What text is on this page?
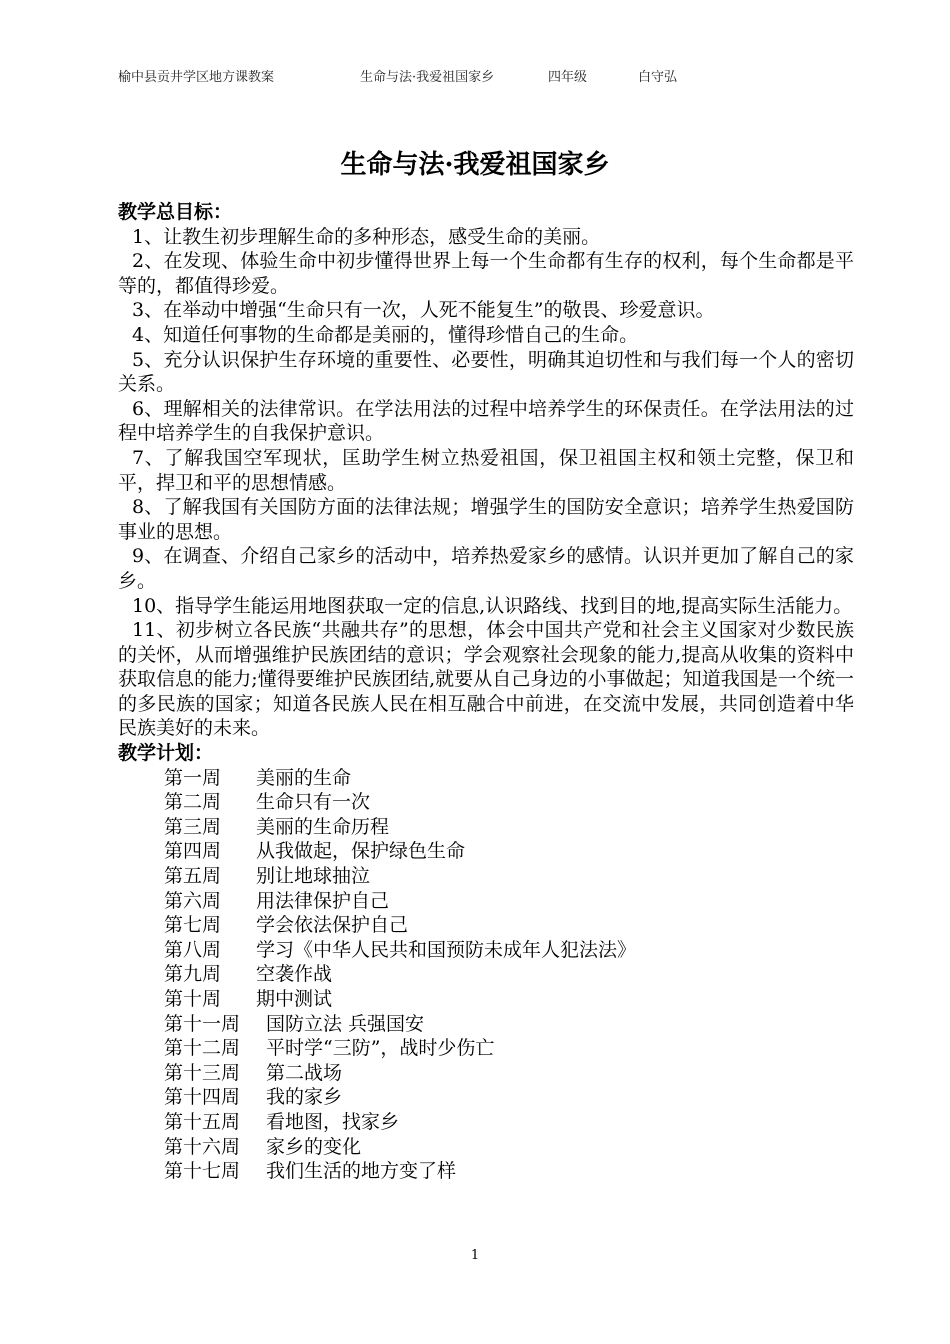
榆中县贡井学区地方课教案	生命与法·我爱祖国家乡	四年级	白守弘
生命与法·我爱祖国家乡
教学总目标：

1、让教生初步理解生命的多种形态，感受生命的美丽。

2、在发现、体验生命中初步懂得世界上每一个生命都有生存的权利，每个生命都是平等的，都值得珍爱。

3、在举动中增强“生命只有一次，人死不能复生”的敬畏、珍爱意识。

4、知道任何事物的生命都是美丽的，懂得珍惜自己的生命。

5、充分认识保护生存环境的重要性、必要性，明确其迫切性和与我们每一个人的密切关系。

6、理解相关的法律常识。在学法用法的过程中培养学生的环保责任。在学法用法的过程中培养学生的自我保护意识。

7、了解我国空军现状，匡助学生树立热爱祖国，保卫祖国主权和领土完整，保卫和平，捍卫和平的思想情感。

8、了解我国有关国防方面的法律法规；增强学生的国防安全意识；培养学生热爱国防事业的思想。

9、在调查、介绍自己家乡的活动中，培养热爱家乡的感情。认识并更加了解自己的家乡。

10、指导学生能运用地图获取一定的信息,认识路线、找到目的地,提高实际生活能力。

11、初步树立各民族“共融共存”的思想，体会中国共产党和社会主义国家对少数民族的关怀，从而增强维护民族团结的意识；学会观察社会现象的能力,提高从收集的资料中获取信息的能力;懂得要维护民族团结,就要从自己身边的小事做起；知道我国是一个统一的多民族的国家；知道各民族人民在相互融合中前进，在交流中发展，共同创造着中华民族美好的未来。

教学计划：
第一周 美丽的生命
第二周 生命只有一次
第三周 美丽的生命历程
第四周 从我做起，保护绿色生命
第五周 别让地球抽泣
第六周 用法律保护自己
第七周 学会依法保护自己
第八周 学习《中华人民共和国预防未成年人犯法法》
第九周 空袭作战
第十周 期中测试
第十一周 国防立法 兵强国安
第十二周 平时学“三防”，战时少伤亡
第十三周 第二战场
第十四周 我的家乡
第十五周 看地图，找家乡
第十六周 家乡的变化
第十七周 我们生活的地方变了样
1
